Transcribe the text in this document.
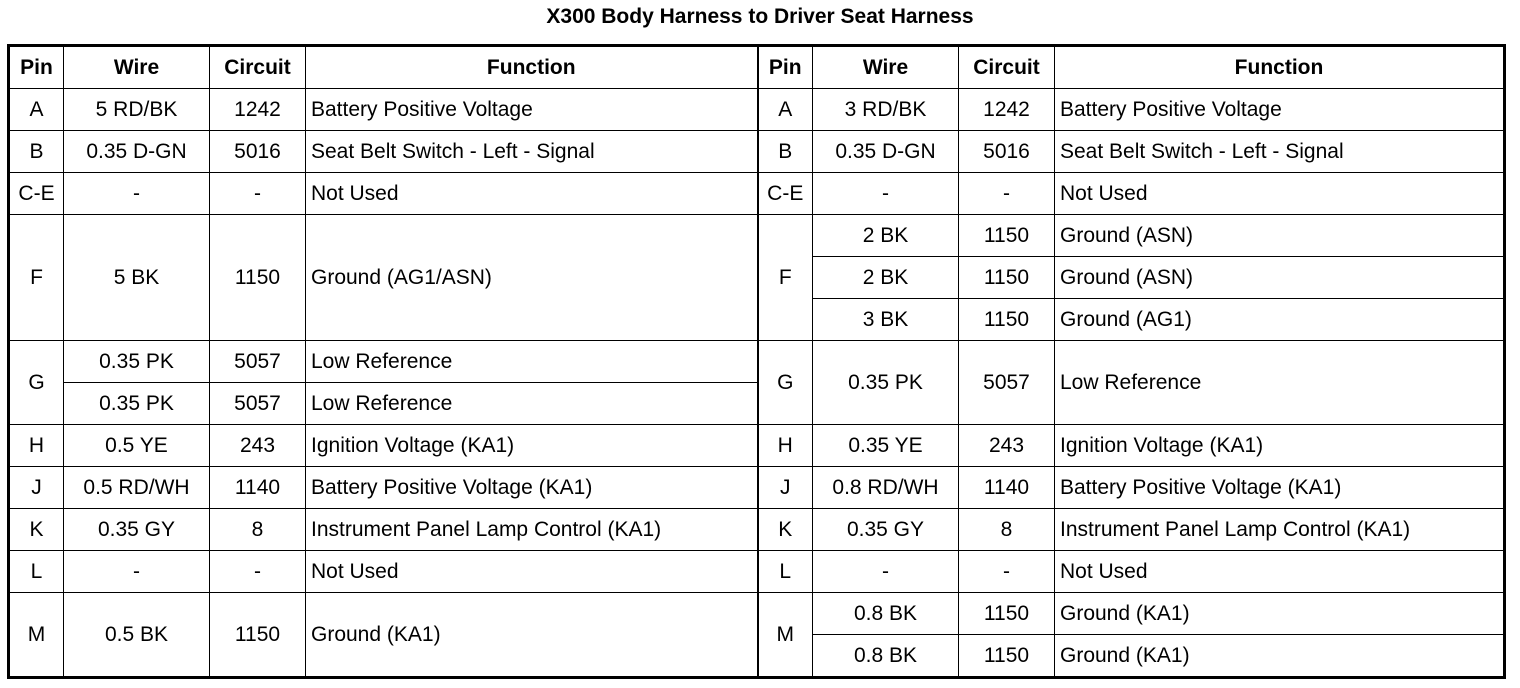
X300 Body Harness to Driver Seat Harness
Pin	Wire	Circuit	Function	Pin	Wire	Circuit	Function
A	5 RD/BK	1242	Battery Positive Voltage	A	3 RD/BK	1242	Battery Positive Voltage
B	0.35 D-GN	5016	Seat Belt Switch - Left - Signal	B	0.35 D-GN	5016	Seat Belt Switch - Left - Signal
C-E	-	-	Not Used	C-E	-	-	Not Used
F	5 BK	1150	Ground (AG1/ASN)	F	2 BK	1150	Ground (ASN)
					2 BK	1150	Ground (ASN)
					3 BK	1150	Ground (AG1)
G	0.35 PK	5057	Low Reference	G	0.35 PK	5057	Low Reference
	0.35 PK	5057	Low Reference				
H	0.5 YE	243	Ignition Voltage (KA1)	H	0.35 YE	243	Ignition Voltage (KA1)
J	0.5 RD/WH	1140	Battery Positive Voltage (KA1)	J	0.8 RD/WH	1140	Battery Positive Voltage (KA1)
K	0.35 GY	8	Instrument Panel Lamp Control (KA1)	K	0.35 GY	8	Instrument Panel Lamp Control (KA1)
L	-	-	Not Used	L	-	-	Not Used
M	0.5 BK	1150	Ground (KA1)	M	0.8 BK	1150	Ground (KA1)
					0.8 BK	1150	Ground (KA1)
